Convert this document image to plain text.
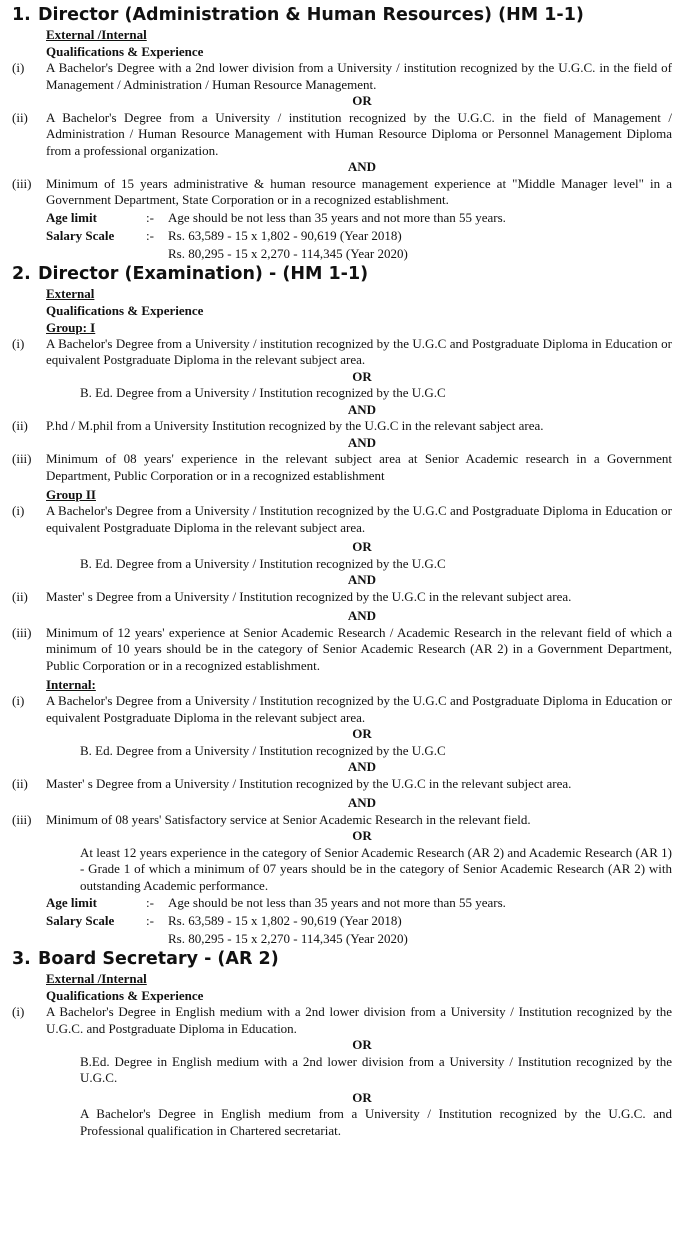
1. Director (Administration & Human Resources) (HM 1-1)
External /Internal
Qualifications & Experience
(i)	A Bachelor's Degree with a 2nd lower division from a University / institution recognized by the U.G.C. in the field of Management / Administration / Human Resource Management.
OR
(ii)	A Bachelor's Degree from a University / institution recognized by the U.G.C. in the field of Management / Administration / Human Resource Management with Human Resource Diploma or Personnel Management Diploma from a professional organization.
AND
(iii)	Minimum of 15 years administrative & human resource management experience at "Middle Manager level" in a Government Department, State Corporation or in a recognized establishment.
Age limit	:-	Age should be not less than 35 years and not more than 55 years.
Salary Scale	:-	Rs. 63,589 - 15 x 1,802 - 90,619 (Year 2018)
Rs. 80,295 - 15 x 2,270 - 114,345 (Year 2020)
2. Director (Examination) - (HM 1-1)
External
Qualifications & Experience
Group: I
(i)	A Bachelor's Degree from a University / institution recognized by the U.G.C and Postgraduate Diploma in Education or equivalent Postgraduate Diploma in the relevant subject area.
OR
B. Ed. Degree from a University / Institution recognized by the U.G.C
AND
(ii)	P.hd / M.phil from a University Institution recognized by the U.G.C in the relevant sabject area.
AND
(iii)	Minimum of 08 years' experience in the relevant subject area at Senior Academic research in a Government Department, Public Corporation or in a recognized establishment
Group II
(i)	A Bachelor's Degree from a University / Institution recognized by the U.G.C and Postgraduate Diploma in Education or equivalent Postgraduate Diploma in the relevant subject area.
OR
B. Ed. Degree from a University / Institution recognized by the U.G.C
AND
(ii)	Master' s Degree from a University / Institution recognized by the U.G.C in the relevant subject area.
AND
(iii)	Minimum of 12 years' experience at Senior Academic Research / Academic Research in the relevant field of which a minimum of 10 years should be in the category of Senior Academic Research (AR 2) in a Government Department, Public Corporation or in a recognized establishment.
Internal:
(i)	A Bachelor's Degree from a University / Institution recognized by the U.G.C and Postgraduate Diploma in Education or equivalent Postgraduate Diploma in the relevant subject area.
OR
B. Ed. Degree from a University / Institution recognized by the U.G.C
AND
(ii)	Master' s Degree from a University / Institution recognized by the U.G.C in the relevant subject area.
AND
(iii)	Minimum of 08 years' Satisfactory service at Senior Academic Research in the relevant field.
OR
At least 12 years experience in the category of Senior Academic Research (AR 2) and Academic Research (AR 1) - Grade 1 of which a minimum of 07 years should be in the category of Senior Academic Research (AR 2) with outstanding Academic performance.
Age limit	:-	Age should be not less than 35 years and not more than 55 years.
Salary Scale	:-	Rs. 63,589 - 15 x 1,802 - 90,619 (Year 2018)
Rs. 80,295 - 15 x 2,270 - 114,345 (Year 2020)
3. Board Secretary - (AR 2)
External /Internal
Qualifications & Experience
(i)	A Bachelor's Degree in English medium with a 2nd lower division from a University / Institution recognized by the U.G.C. and Postgraduate Diploma in Education.
OR
B.Ed. Degree in English medium with a 2nd lower division from a University / Institution recognized by the U.G.C.
OR
A Bachelor's Degree in English medium from a University / Institution recognized by the U.G.C. and Professional qualification in Chartered secretariat.
